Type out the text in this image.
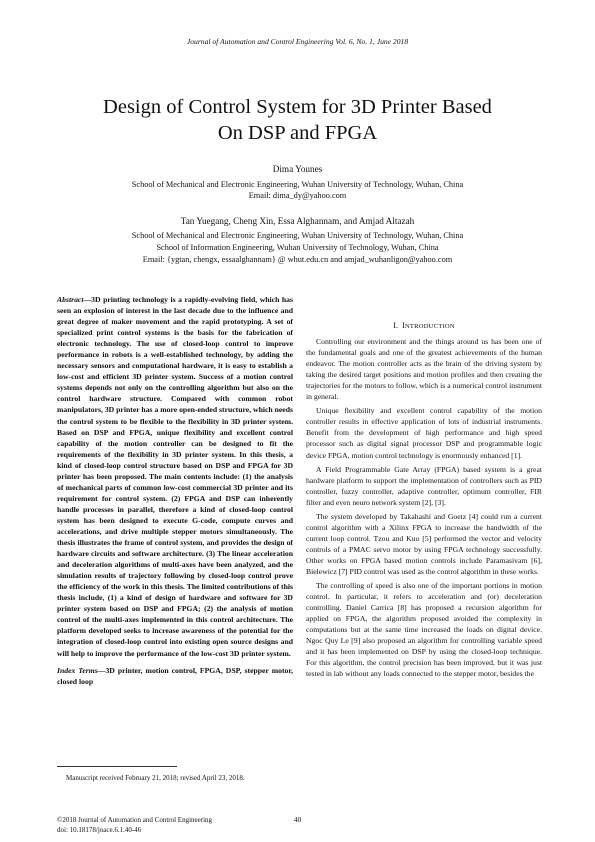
Journal of Automation and Control Engineering Vol. 6, No. 1, June 2018
Design of Control System for 3D Printer Based
On DSP and FPGA
Dima Younes
School of Mechanical and Electronic Engineering, Wuhan University of Technology, Wuhan, China
Email: dima_dy@yahoo.com
Tan Yuegang, Cheng Xin, Essa Alghannam, and Amjad Altazah
School of Mechanical and Electronic Engineering, Wuhan University of Technology, Wuhan, China
School of Information Engineering, Wuhan University of Technology, Wuhan, China
Email: {ygtan, chengx, essaalghannam} @ whut.edu.cn and amjad_wuhanligon@yahoo.com
Abstract—3D printing technology is a rapidly-evolving field, which has seen an explosion of interest in the last decade due to the influence and great degree of maker movement and the rapid prototyping. A set of specialized print control systems is the basis for the fabrication of electronic technology. The use of closed-loop control to improve performance in robots is a well-established technology, by adding the necessary sensors and computational hardware, it is easy to establish a low-cost and efficient 3D printer system. Success of a motion control systems depends not only on the controlling algorithm but also on the control hardware structure. Compared with common robot manipulators, 3D printer has a more open-ended structure, which needs the control system to be flexible to the flexibility in 3D printer system. Based on DSP and FPGA, unique flexibility and excellent control capability of the motion controller can be designed to fit the requirements of the flexibility in 3D printer system. In this thesis, a kind of closed-loop control structure based on DSP and FPGA for 3D printer has been proposed. The main contents include: (1) the analysis of mechanical parts of common low-cost commercial 3D printer and its requirement for control system. (2) FPGA and DSP can inherently handle processes in parallel, therefore a kind of closed-loop control system has been designed to execute G-code, compute curves and accelerations, and drive multiple stepper motors simultaneously. The thesis illustrates the frame of control system, and provides the design of hardware circuits and software architecture. (3) The linear acceleration and deceleration algorithms of multi-axes have been analyzed, and the simulation results of trajectory following by closed-loop control prove the efficiency of the work in this thesis. The limited contributions of this thesis include, (1) a kind of design of hardware and software for 3D printer system based on DSP and FPGA; (2) the analysis of motion control of the multi-axes implemented in this control architecture. The platform developed seeks to increase awareness of the potential for the integration of closed-loop control into existing open source designs and will help to improve the performance of the low-cost 3D printer system.
Index Terms—3D printer, motion control, FPGA, DSP, stepper motor, closed loop
I. INTRODUCTION

Controlling our environment and the things around us has been one of the fundamental goals and one of the greatest achievements of the human endeavor. The motion controller acts as the brain of the driving system by taking the desired target positions and motion profiles and then creating the trajectories for the motors to follow, which is a numerical control instrument in general.

Unique flexibility and excellent control capability of the motion controller results in effective application of lots of industrial instruments. Benefit from the development of high performance and high speed processor such as digital signal processor DSP and programmable logic device FPGA, motion control technology is enormously enhanced [1].

A Field Programmable Gate Array (FPGA) based system is a great hardware platform to support the implementation of controllers such as PID controller, fuzzy controller, adaptive controller, optimum controller, FIR filter and even neuro network system [2], [3].

The system developed by Takahashi and Goetz [4] could run a current control algorithm with a Xilinx FPGA to increase the bandwidth of the current loop control. Tzou and Kuo [5] performed the vector and velocity controls of a PMAC servo motor by using FPGA technology successfully. Other works on FPGA based motion controls include Paramasivam [6], Bielewicz [7] PID control was used as the control algorithm in these works.

The controlling of speed is also one of the important portions in motion control. In particular, it refers to acceleration and (or) deceleration controlling. Daniel Carrica [8] has proposed a recursion algorithm for applied on FPGA, the algorithm proposed avoided the complexity in computations but at the same time increased the loads on digital device. Ngoc Quy Le [9] also proposed an algorithm for controlling variable speed and it has been implemented on DSP by using the closed-loop technique. For this algorithm, the control precision has been improved, but it was just tested in lab without any loads connected to the stepper motor, besides the

Manuscript received February 21, 2018; revised April 23, 2018.
©2018 Journal of Automation and Control Engineering
doi: 10.18178/joace.6.1.40-46
40
